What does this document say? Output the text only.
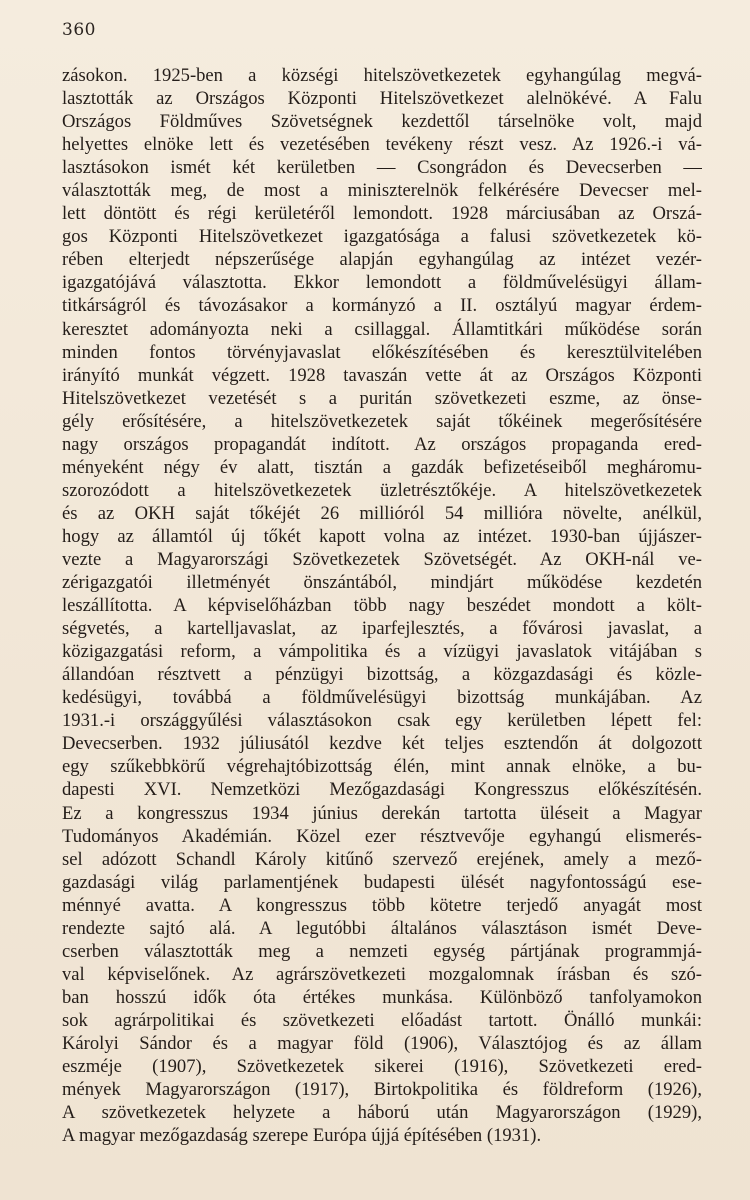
360
zásokon. 1925-ben a községi hitelszövetkezetek egyhangúlag megvá-
lasztották az Országos Központi Hitelszövetkezet alelnökévé. A Falu
Országos Földműves Szövetségnek kezdettől társelnöke volt, majd
helyettes elnöke lett és vezetésében tevékeny részt vesz. Az 1926.-i vá-
lasztásokon ismét két kerületben — Csongrádon és Devecserben —
választották meg, de most a miniszterelnök felkérésére Devecser mel-
lett döntött és régi kerületéről lemondott. 1928 márciusában az Orszá-
gos Központi Hitelszövetkezet igazgatósága a falusi szövetkezetek kö-
rében elterjedt népszerűsége alapján egyhangúlag az intézet vezér-
igazgatójává választotta. Ekkor lemondott a földművelésügyi állam-
titkárságról és távozásakor a kormányzó a II. osztályú magyar érdem-
keresztet adományozta neki a csillaggal. Államtitkári működése során
minden fontos törvényjavaslat előkészítésében és keresztülvitelében
irányító munkát végzett. 1928 tavaszán vette át az Országos Központi
Hitelszövetkezet vezetését s a puritán szövetkezeti eszme, az önse-
gély erősítésére, a hitelszövetkezetek saját tőkéinek megerősítésére
nagy országos propagandát indított. Az országos propaganda ered-
ményeként négy év alatt, tisztán a gazdák befizetéseiből megháromu-
szorozódott a hitelszövetkezetek üzletrésztőkéje. A hitelszövetkezetek
és az OKH saját tőkéjét 26 millióról 54 millióra növelte, anélkül,
hogy az államtól új tőkét kapott volna az intézet. 1930-ban újjászer-
vezte a Magyarországi Szövetkezetek Szövetségét. Az OKH-nál ve-
zérigazgatói illetményét önszántából, mindjárt működése kezdetén
leszállította. A képviselőházban több nagy beszédet mondott a költ-
ségvetés, a kartelljavaslat, az iparfejlesztés, a fővárosi javaslat, a
közigazgatási reform, a vámpolitika és a vízügyi javaslatok vitájában s
állandóan résztvett a pénzügyi bizottság, a közgazdasági és közle-
kedésügyi, továbbá a földművelésügyi bizottság munkájában. Az
1931.-i országgyűlési választásokon csak egy kerületben lépett fel:
Devecserben. 1932 júliusától kezdve két teljes esztendőn át dolgozott
egy szűkebbkörű végrehajtóbizottság élén, mint annak elnöke, a bu-
dapesti XVI. Nemzetközi Mezőgazdasági Kongresszus előkészítésén.
Ez a kongresszus 1934 június derekán tartotta üléseit a Magyar
Tudományos Akadémián. Közel ezer résztvevője egyhangú elismerés-
sel adózott Schandl Károly kitűnő szervező erejének, amely a mező-
gazdasági világ parlamentjének budapesti ülését nagyfontosságú ese-
ménnyé avatta. A kongresszus több kötetre terjedő anyagát most
rendezte sajtó alá. A legutóbbi általános választáson ismét Deve-
cserben választották meg a nemzeti egység pártjának programmjá-
val képviselőnek. Az agrárszövetkezeti mozgalomnak írásban és szó-
ban hosszú idők óta értékes munkása. Különböző tanfolyamokon
sok agrárpolitikai és szövetkezeti előadást tartott. Önálló munkái:
Károlyi Sándor és a magyar föld (1906), Választójog és az állam
eszméje (1907), Szövetkezetek sikerei (1916), Szövetkezeti ered-
mények Magyarországon (1917), Birtokpolitika és földreform (1926),
A szövetkezetek helyzete a háború után Magyarországon (1929),
A magyar mezőgazdaság szerepe Európa újjá építésében (1931).
